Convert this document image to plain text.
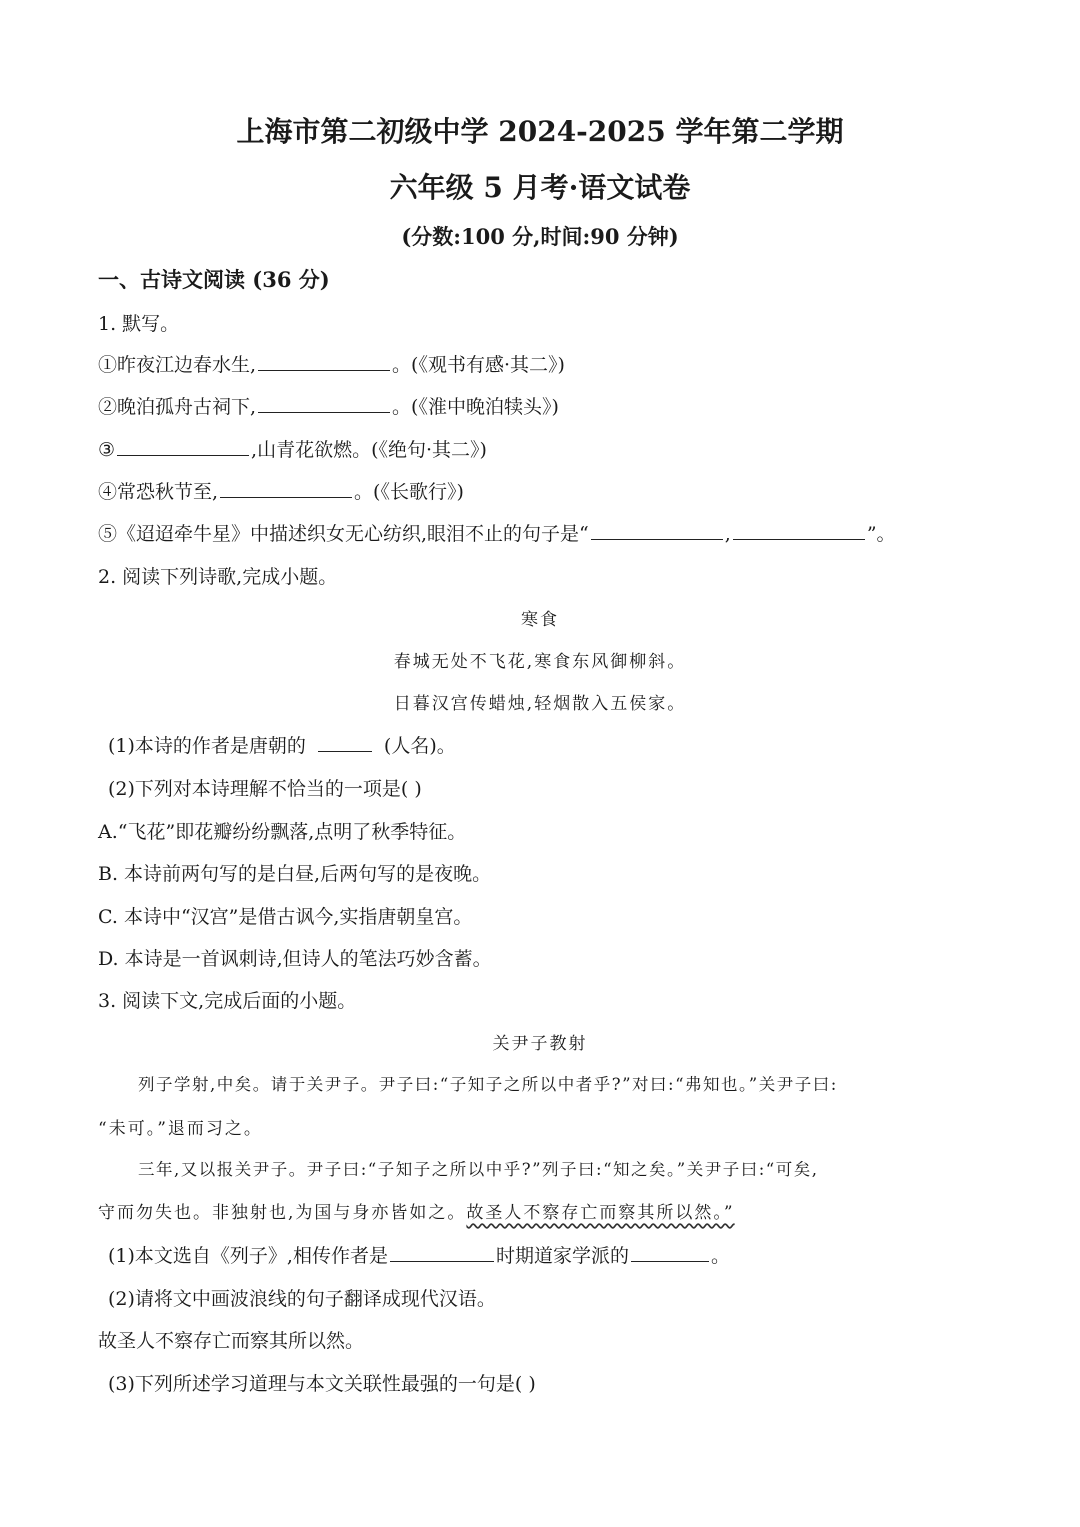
上海市第二初级中学 2024-2025 学年第二学期
六年级 5 月考·语文试卷
(分数:100 分,时间:90 分钟)
一、古诗文阅读 (36 分)
1. 默写。
①昨夜江边春水生,	。(《观书有感·其二》)
②晚泊孤舟古祠下,	。(《淮中晚泊犊头》)
③	,山青花欲燃。(《绝句·其二》)
④常恐秋节至,	。(《长歌行》)
⑤《迢迢牵牛星》中描述织女无心纺织,眼泪不止的句子是“	,	”。
2. 阅读下列诗歌,完成小题。
寒食
春城无处不飞花,寒食东风御柳斜。
日暮汉宫传蜡烛,轻烟散入五侯家。
(1)本诗的作者是唐朝的	(人名)。
(2)下列对本诗理解不恰当的一项是( )
A.“飞花”即花瓣纷纷飘落,点明了秋季特征。
B. 本诗前两句写的是白昼,后两句写的是夜晚。
C. 本诗中“汉宫”是借古讽今,实指唐朝皇宫。
D. 本诗是一首讽刺诗,但诗人的笔法巧妙含蓄。
3. 阅读下文,完成后面的小题。
关尹子教射
列子学射,中矣。请于关尹子。尹子曰:“子知子之所以中者乎?”对曰:“弗知也。”关尹子曰:
“未可。”退而习之。
三年,又以报关尹子。尹子曰:“子知子之所以中乎?”列子曰:“知之矣。”关尹子曰:“可矣,
守而勿失也。非独射也,为国与身亦皆如之。故圣人不察存亡而察其所以然。”
(1)本文选自《列子》,相传作者是	时期道家学派的	。
(2)请将文中画波浪线的句子翻译成现代汉语。
故圣人不察存亡而察其所以然。
(3)下列所述学习道理与本文关联性最强的一句是( )
